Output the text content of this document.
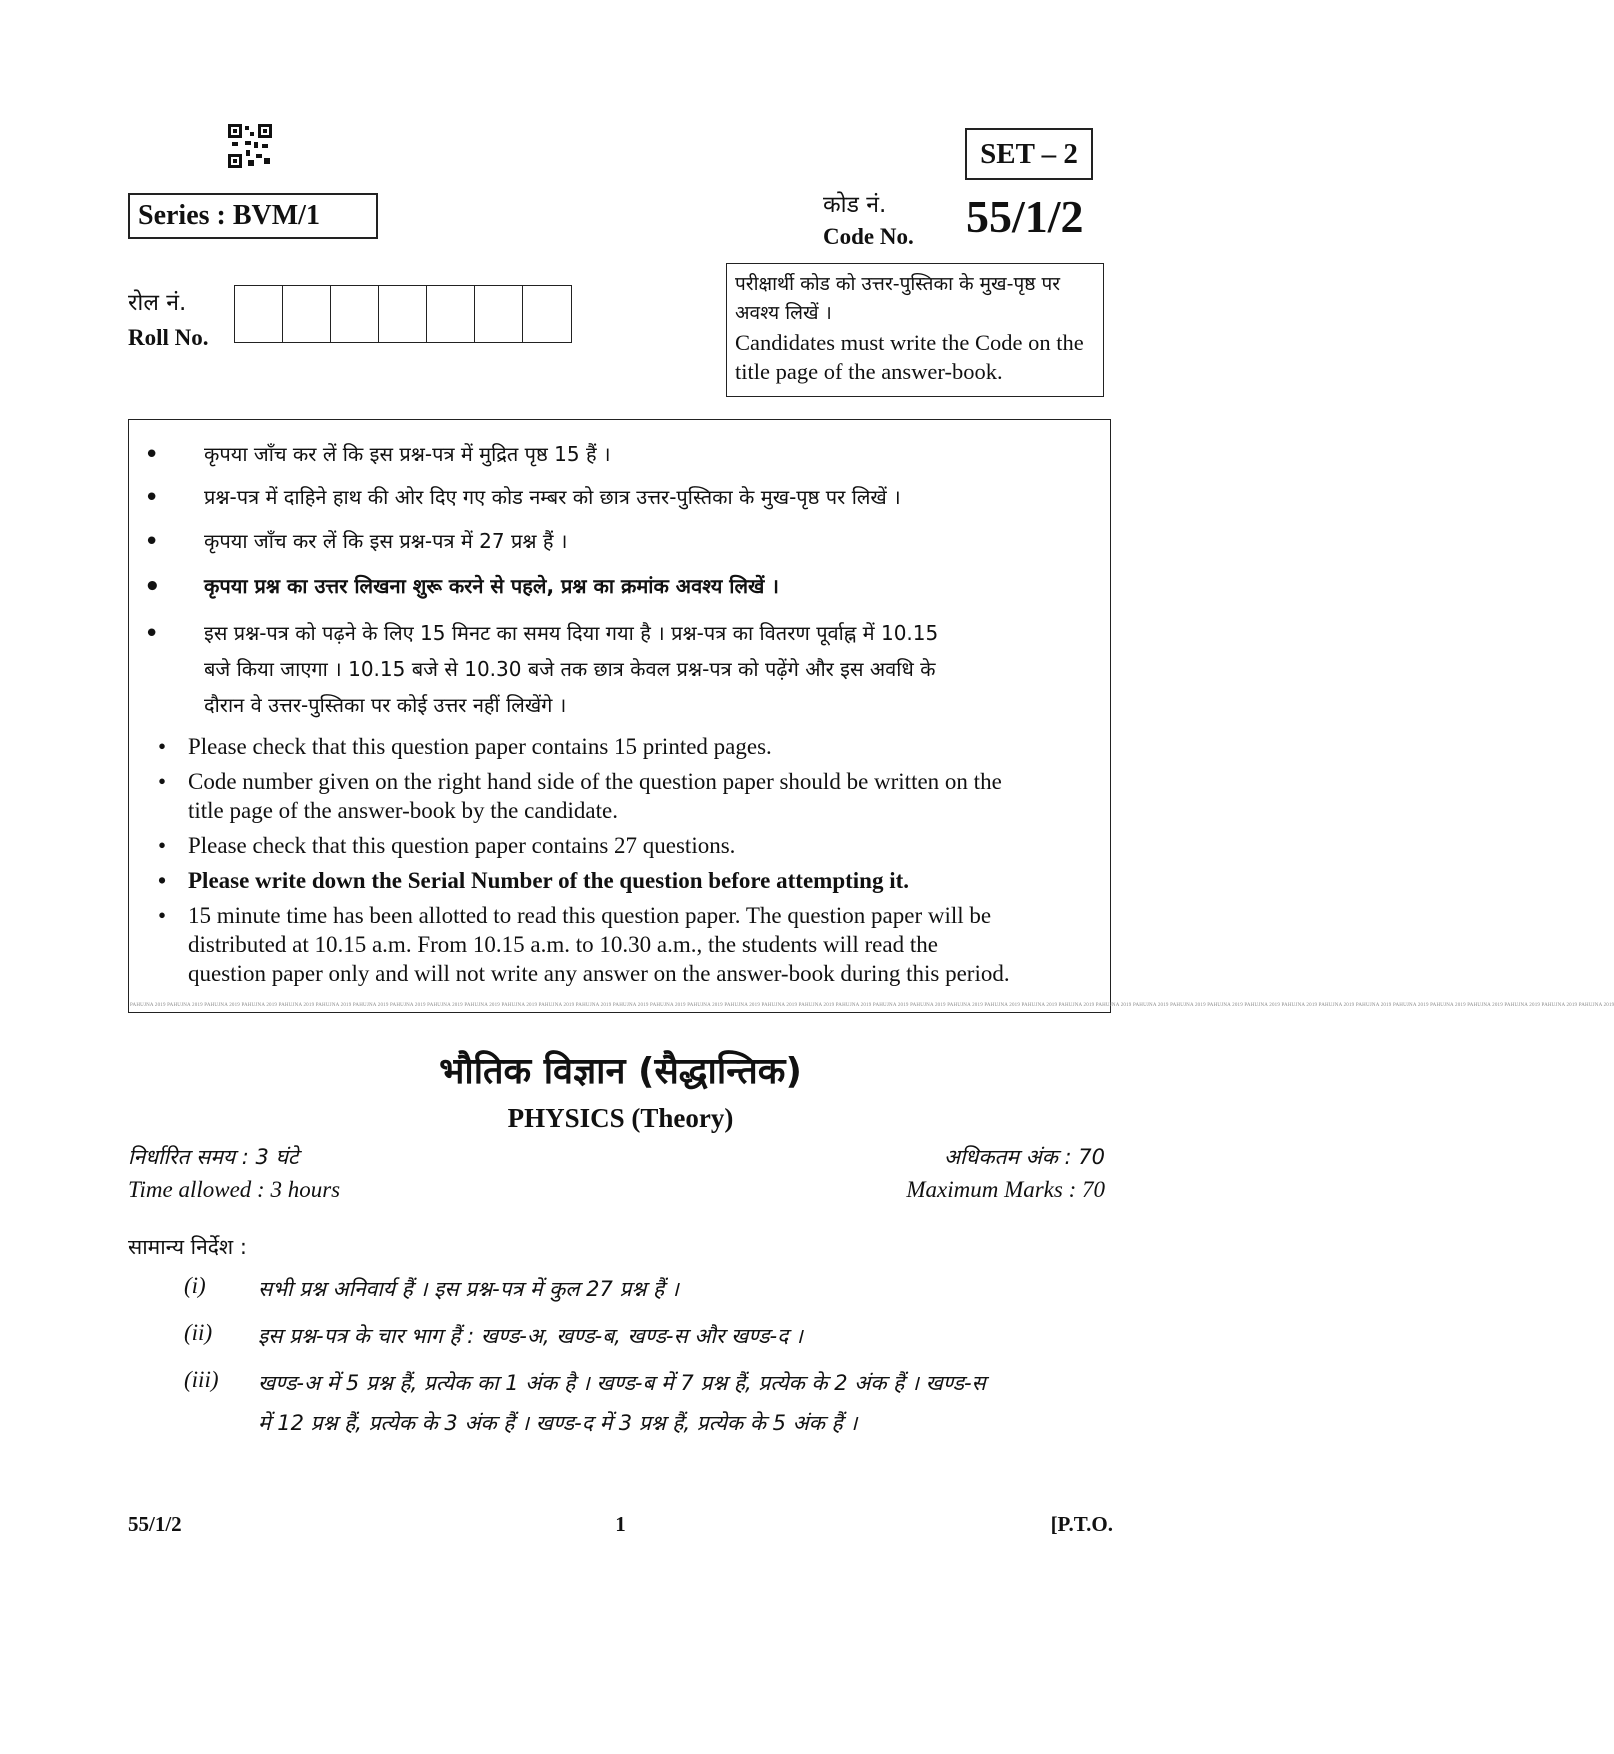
SET – 2
Series : BVM/1	कोड नं.
Code No. 55/1/2
रोल नं.
Roll No.
परीक्षार्थी कोड को उत्तर-पुस्तिका के मुख-पृष्ठ पर अवश्य लिखें ।
Candidates must write the Code on the title page of the answer-book.
• कृपया जाँच कर लें कि इस प्रश्न-पत्र में मुद्रित पृष्ठ 15 हैं ।
• प्रश्न-पत्र में दाहिने हाथ की ओर दिए गए कोड नम्बर को छात्र उत्तर-पुस्तिका के मुख-पृष्ठ पर लिखें ।
• कृपया जाँच कर लें कि इस प्रश्न-पत्र में 27 प्रश्न हैं ।
• कृपया प्रश्न का उत्तर लिखना शुरू करने से पहले, प्रश्न का क्रमांक अवश्य लिखें ।
• इस प्रश्न-पत्र को पढ़ने के लिए 15 मिनट का समय दिया गया है । प्रश्न-पत्र का वितरण पूर्वाह्न में 10.15
बजे किया जाएगा । 10.15 बजे से 10.30 बजे तक छात्र केवल प्रश्न-पत्र को पढ़ेंगे और इस अवधि के
दौरान वे उत्तर-पुस्तिका पर कोई उत्तर नहीं लिखेंगे ।
• Please check that this question paper contains 15 printed pages.
• Code number given on the right hand side of the question paper should be written on the
title page of the answer-book by the candidate.
• Please check that this question paper contains 27 questions.
• Please write down the Serial Number of the question before attempting it.
• 15 minute time has been allotted to read this question paper. The question paper will be
distributed at 10.15 a.m. From 10.15 a.m. to 10.30 a.m., the students will read the
question paper only and will not write any answer on the answer-book during this period.
PAHUJNA 2019 PAHUJNA 2019 PAHUJNA 2019 PAHUJNA 2019 PAHUJNA 2019 PAHUJNA 2019 PAHUJNA 2019 PAHUJNA 2019 PAHUJNA 2019 PAHUJNA 2019 PAHUJNA 2019 PAHUJNA 2019 PAHUJNA 2019 PAHUJNA 2019 PAHUJNA 2019 PAHUJNA 2019 PAHUJNA 2019 PAHUJNA 2019 PAHUJNA 2019 PAHUJNA 2019 PAHUJNA 2019 PAHUJNA 2019 PAHUJNA 2019 PAHUJNA 2019 PAHUJNA 2019 PAHUJNA 2019 PAHUJNA 2019 PAHUJNA 2019 PAHUJNA 2019 PAHUJNA 2019 PAHUJNA 2019 PAHUJNA 2019 PAHUJNA 2019 PAHUJNA 2019 PAHUJNA 2019 PAHUJNA 2019 PAHUJNA 2019 PAHUJNA 2019 PAHUJNA 2019 PAHUJNA 2019
भौतिक विज्ञान (सैद्धान्तिक)
PHYSICS (Theory)
निर्धारित समय : 3 घंटे
Time allowed : 3 hours
अधिकतम अंक : 70
Maximum Marks : 70
सामान्य निर्देश :
(i) सभी प्रश्न अनिवार्य हैं । इस प्रश्न-पत्र में कुल 27 प्रश्न हैं ।
(ii) इस प्रश्न-पत्र के चार भाग हैं : खण्ड-अ, खण्ड-ब, खण्ड-स और खण्ड-द ।
(iii) खण्ड-अ में 5 प्रश्न हैं, प्रत्येक का 1 अंक है । खण्ड-ब में 7 प्रश्न हैं, प्रत्येक के 2 अंक हैं । खण्ड-स
में 12 प्रश्न हैं, प्रत्येक के 3 अंक हैं । खण्ड-द में 3 प्रश्न हैं, प्रत्येक के 5 अंक हैं ।
55/1/2	1	[P.T.O.
